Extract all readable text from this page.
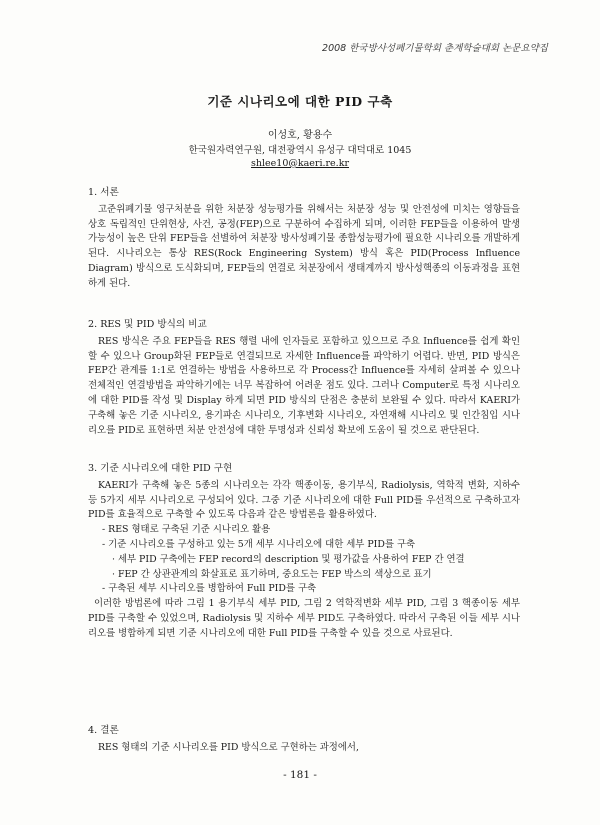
2008 한국방사성폐기물학회 춘계학술대회 논문요약집
기준 시나리오에 대한 PID 구축
이성호, 황용수
한국원자력연구원, 대전광역시 유성구 대덕대로 1045
shlee10@kaeri.re.kr
1. 서론

고준위폐기물 영구처분을 위한 처분장 성능평가를 위해서는 처분장 성능 및 안전성에 미치는 영향들을 상호 독립적인 단위현상, 사건, 공정(FEP)으로 구분하여 수집하게 되며, 이러한 FEP들을 이용하여 발생가능성이 높은 단위 FEP들을 선별하여 처분장 방사성폐기물 종합성능평가에 필요한 시나리오를 개발하게 된다. 시나리오는 통상 RES(Rock Engineering System) 방식 혹은 PID(Process Influence Diagram) 방식으로 도식화되며, FEP들의 연결로 처분장에서 생태계까지 방사성핵종의 이동과정을 표현하게 된다.

2. RES 및 PID 방식의 비교

RES 방식은 주요 FEP들을 RES 행렬 내에 인자들로 포함하고 있으므로 주요 Influence를 쉽게 확인할 수 있으나 Group화된 FEP들로 연결되므로 자세한 Influence를 파악하기 어렵다. 반면, PID 방식은 FEP간 관계를 1:1로 연결하는 방법을 사용하므로 각 Process간 Influence를 자세히 살펴볼 수 있으나 전체적인 연결방법을 파악하기에는 너무 복잡하여 어려운 점도 있다. 그러나 Computer로 특정 시나리오에 대한 PID를 작성 및 Display 하게 되면 PID 방식의 단점은 충분히 보완될 수 있다. 따라서 KAERI가 구축해 놓은 기준 시나리오, 용기파손 시나리오, 기후변화 시나리오, 자연재해 시나리오 및 인간침입 시나리오를 PID로 표현하면 처분 안전성에 대한 투명성과 신뢰성 확보에 도움이 될 것으로 판단된다.

3. 기준 시나리오에 대한 PID 구현

KAERI가 구축해 놓은 5종의 시나리오는 각각 핵종이동, 용기부식, Radiolysis, 역학적 변화, 지하수 등 5가지 세부 시나리오로 구성되어 있다. 그중 기준 시나리오에 대한 Full PID를 우선적으로 구축하고자 PID를 효율적으로 구축할 수 있도록 다음과 같은 방법론을 활용하였다.

- RES 형태로 구축된 기준 시나리오 활용
- 기준 시나리오를 구성하고 있는 5개 세부 시나리오에 대한 세부 PID를 구축
· 세부 PID 구축에는 FEP record의 description 및 평가값을 사용하여 FEP 간 연결
· FEP 간 상관관계의 화살표로 표기하며, 중요도는 FEP 박스의 색상으로 표기
- 구축된 세부 시나리오를 병합하여 Full PID를 구축

이러한 방법론에 따라 그림 1 용기부식 세부 PID, 그림 2 역학적변화 세부 PID, 그림 3 핵종이동 세부 PID를 구축할 수 있었으며, Radiolysis 및 지하수 세부 PID도 구축하였다. 따라서 구축된 이들 세부 시나리오를 병합하게 되면 기준 시나리오에 대한 Full PID를 구축할 수 있을 것으로 사료된다.

4. 결론

RES 형태의 기준 시나리오를 PID 방식으로 구현하는 과정에서,

- 181 -
